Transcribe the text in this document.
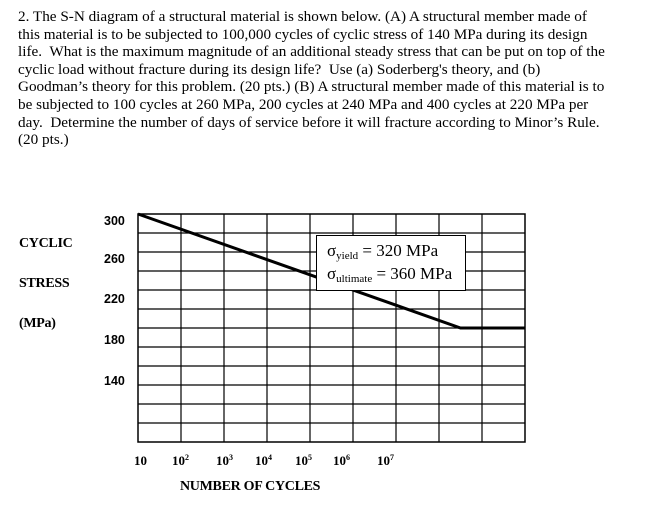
2. The S-N diagram of a structural material is shown below. (A) A structural member made of
this material is to be subjected to 100,000 cycles of cyclic stress of 140 MPa during its design
life.  What is the maximum magnitude of an additional steady stress that can be put on top of the
cyclic load without fracture during its design life?  Use (a) Soderberg's theory, and (b)
Goodman’s theory for this problem. (20 pts.) (B) A structural member made of this material is to
be subjected to 100 cycles at 260 MPa, 200 cycles at 240 MPa and 400 cycles at 220 MPa per
day.  Determine the number of days of service before it will fracture according to Minor’s Rule.
(20 pts.)
CYCLIC
STRESS
(MPa)
300
260
220
180
140
10 $10^2$ $10^3$ $10^4$ $10^5$ $10^6$ $10^7$
NUMBER OF CYCLES
$\sigma_{yield} = 320$ MPa
$\sigma_{ultimate} = 360$ MPa
